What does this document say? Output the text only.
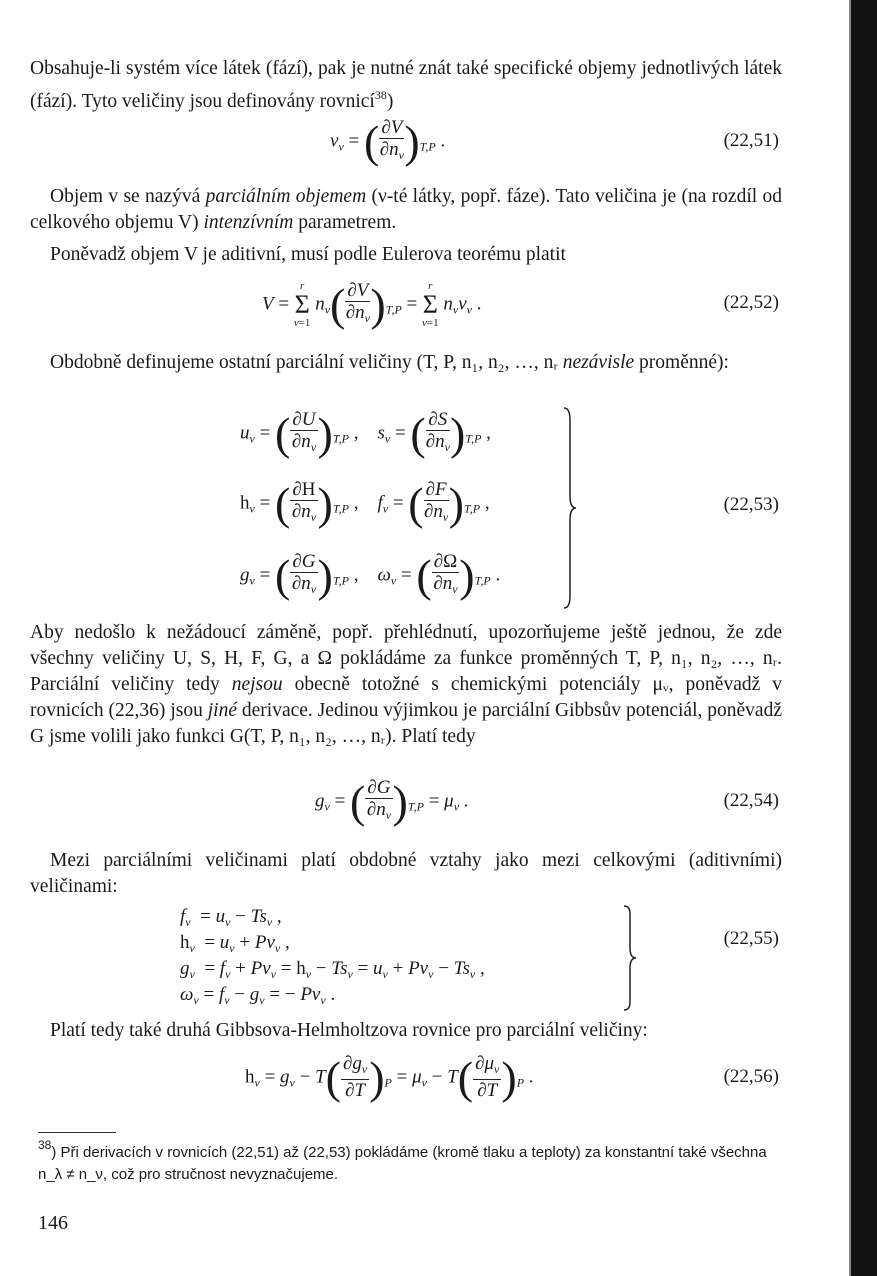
Obsahuje-li systém více látek (fází), pak je nutné znát také specifické objemy jednotlivých látek (fází). Tyto veličiny jsou definovány rovnicí$^{38}$)

$v_\nu$ = ( $\frac{\partial V}{\partial n_\nu} )_{T,P}$ .	(22,51)

Objem v se nazývá parciálním objemem (ν-té látky, popř. fáze). Tato veličina je (na rozdíl od celkového objemu V) intenzívním parametrem.

Poněvadž objem V je aditivní, musí podle Eulerova teorému platit

V =
r
Σ
ν=1
$n_\nu( \frac{\partial V}{\partial n_\nu} )_{T,P}$ =
r
Σ
ν=1
$n_\nu v_\nu$ .	(22,52)

Obdobně definujeme ostatní parciální veličiny (T, P, n₁, n₂, …, nᵣ nezávisle proměnné):

$u_\nu$ = ( $\frac{\partial U}{\partial n_\nu} )_{T,P}$ ,    $s_\nu$ = ( $\frac{\partial S}{\partial n_\nu} )_{T,P}$ ,
$h_\nu$ = ( $\frac{\partial H}{\partial n_\nu} )_{T,P}$ ,    $f_\nu$ = ( $\frac{\partial F}{\partial n_\nu} )_{T,P}$ ,
$g_\nu$ = ( $\frac{\partial G}{\partial n_\nu} )_{T,P}$ ,    $\omega_\nu$ = ( $\frac{\partial\Omega}{\partial n_\nu} )_{T,P}$ .
(22,53)

Aby nedošlo k nežádoucí záměně, popř. přehlédnutí, upozorňujeme ještě jednou, že zde všechny veličiny U, S, H, F, G, a Ω pokládáme za funkce proměnných T, P, n₁, n₂, …, nᵣ. Parciální veličiny tedy nejsou obecně totožné s chemickými potenciály μᵥ, poněvadž v rovnicích (22,36) jsou jiné derivace. Jedinou výjimkou je parciální Gibbsův potenciál, poněvadž G jsme volili jako funkci G(T, P, n₁, n₂, …, nᵣ). Platí tedy

$g_\nu$ = ( $\frac{\partial G}{\partial n_\nu} )_{T,P} = \mu_\nu$ .	(22,54)

Mezi parciálními veličinami platí obdobné vztahy jako mezi celkovými (aditivními) veličinami:

$f_\nu = u_\nu - Ts_\nu$ ,
$h_\nu = u_\nu + Pv_\nu$ ,
$g_\nu = f_\nu + Pv_\nu = h_\nu - Ts_\nu = u_\nu + Pv_\nu - Ts_\nu$ ,
$\omega_\nu = f_\nu - g_\nu$ = − $Pv_\nu$ .
(22,55)

Platí tedy také druhá Gibbsova-Helmholtzova rovnice pro parciální veličiny:

$h_\nu = g_\nu - T( \frac{\partial g_\nu}{\partial T} )_P = \mu_\nu - T( \frac{\partial\mu_\nu}{\partial T} )_P$ .	(22,56)
$^{38}$) Při derivacích v rovnicích (22,51) až (22,53) pokládáme (kromě tlaku a teploty) za konstantní také všechna n_λ ≠ n_ν, což pro stručnost nevyznačujeme.
146
